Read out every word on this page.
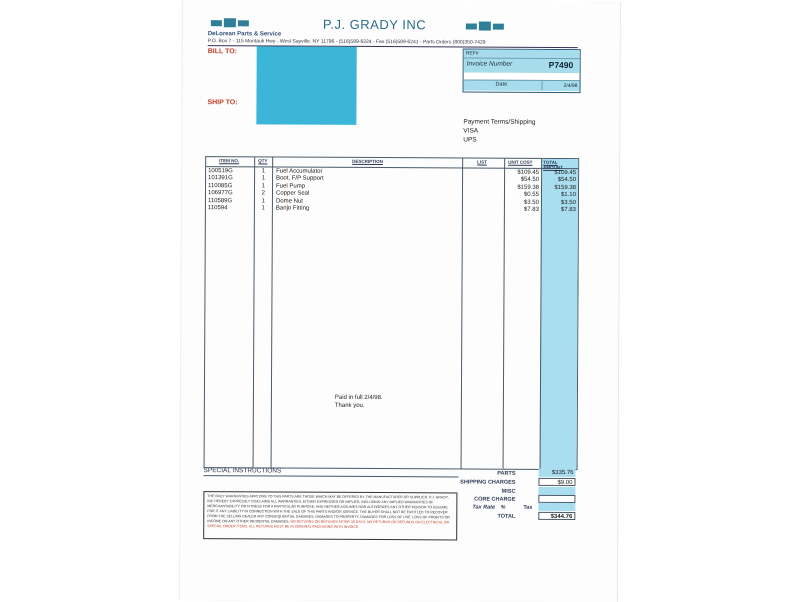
P.J. GRADY INC
DeLorean Parts & Service
P.O. Box 7 - 115 Montauk Hwy - West Sayville, NY 11796 - (516)589-6224 - Fax (516)589-6241 - Parts Orders (800)350-7429
BILL TO:
SHIP TO:
REF#
Invoice Number	P7490
Date	2/4/98
Payment Terms/Shipping
VISA
UPS
ITEM NO.	QTY	DESCRIPTION	LIST	UNIT COST TOTAL AMOUNT
100519G	1 Fuel Accumulator	$109.45	$109.45
101391G	1 Boot, F/P Support	$54.50	$54.50
110085G	1 Fuel Pump	$159.38	$159.38
106977G	2 Copper Seal	$0.55	$1.10
110589G	1 Dome Nut	$3.50	$3.50
110594	1 Banjo Fitting	$7.83	$7.83
Paid in full 2/4/98.
Thank you.
SPECIAL INSTRUCTIONS	PARTS	$335.76
SHIPPING CHARGES	$9.00
MISC
CORE CHARGE
Tax Rate %	Tax
TOTAL	$344.76
THE ONLY WARRANTIES APPLYING TO THIS PARTS ARE THOSE WHICH MAY BE OFFERED BY THE MANUFACTURER OR SUPPLIER. P.J. GRADY, INC HEREBY EXPRESSLY DISCLAIMS ALL WARRANTIES, EITHER EXPRESSED OR IMPLIED, INCLUDING ANY IMPLIED WARRANTIES OF MERCHANTABILITY OR FITNESS FOR A PARTICULAR PURPOSE, AND NEITHER ASSUMES NOR AUTHORIZES ANY OTHER PERSON TO ASSUME FOR IT ANY LIABILITY IN CONNECTION WITH THE SALE OF THIS PARTS AND/OR SERVICE. THE BUYER SHALL NOT BE ENTITLED TO RECOVER FROM THE SELLING DEALER ANY CONSEQUENTIAL DAMAGES, DAMAGES TO PROPERTY, DAMAGES FOR LOSS OF USE, LOSS OF PROFITS OR INCOME OR ANY OTHER INCIDENTAL DAMAGES. NO RETURNS OR REFUNDS AFTER 30 DAYS. NO RETURNS OR REFUNDS ON ELECTRICAL OR SPECIAL ORDER ITEMS. ALL RETURNS MUST BE IN ORIGINAL PACKAGING WITH INVOICE.
